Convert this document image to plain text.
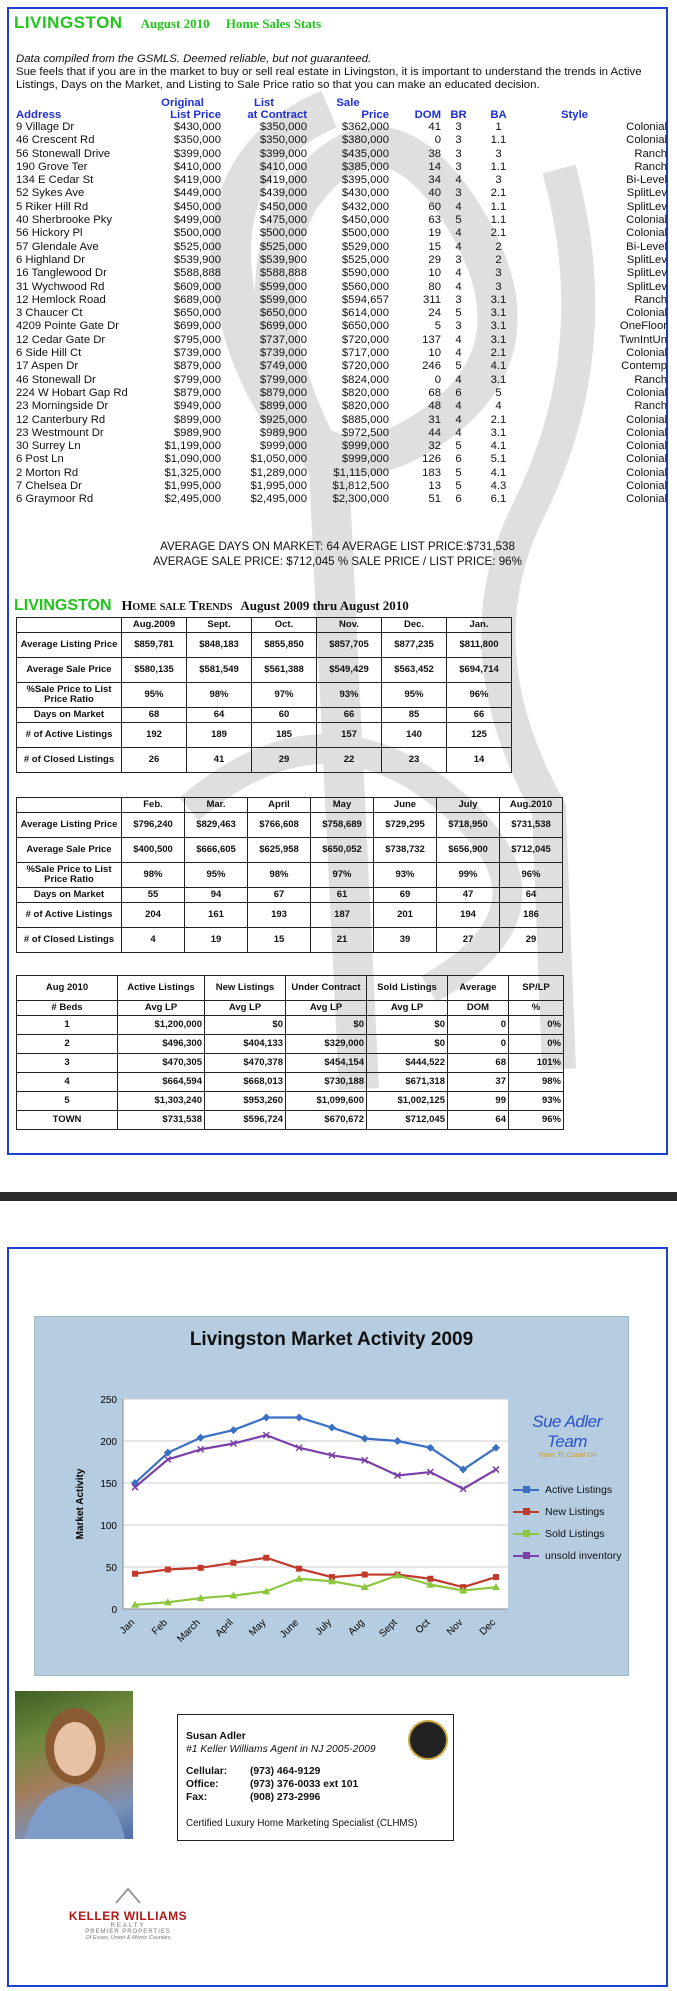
LIVINGSTON August 2010     Home Sales Stats

Data compiled from the GSMLS. Deemed reliable, but not guaranteed.

Sue feels that if you are in the market to buy or sell real estate in Livingston, it is important to understand the trends in Active Listings, Days on the Market, and Listing to Sale Price ratio so that you can make an educated decision.

	Original	List	Sale				
Address	List Price	at Contract	Price	DOM	BR	BA	Style
9 Village Dr	$430,000	$350,000	$362,000	41	3	1	Colonial
46 Crescent Rd	$350,000	$350,000	$380,000	0	3	1.1	Colonial
56 Stonewall Drive	$399,000	$399,000	$435,000	38	3	3	Ranch
190 Grove Ter	$410,000	$410,000	$385,000	14	3	1.1	Ranch
134 E Cedar St	$419,000	$419,000	$395,000	34	4	3	Bi-Level
52 Sykes Ave	$449,000	$439,000	$430,000	40	3	2.1	SplitLev
5 Riker Hill Rd	$450,000	$450,000	$432,000	60	4	1.1	SplitLev
40 Sherbrooke Pky	$499,000	$475,000	$450,000	63	5	1.1	Colonial
56 Hickory Pl	$500,000	$500,000	$500,000	19	4	2.1	Colonial
57 Glendale Ave	$525,000	$525,000	$529,000	15	4	2	Bi-Level
6 Highland Dr	$539,900	$539,900	$525,000	29	3	2	SplitLev
16 Tanglewood Dr	$588,888	$588,888	$590,000	10	4	3	SplitLev
31 Wychwood Rd	$609,000	$599,000	$560,000	80	4	3	SplitLev
12 Hemlock Road	$689,000	$599,000	$594,657	311	3	3.1	Ranch
3 Chaucer Ct	$650,000	$650,000	$614,000	24	5	3.1	Colonial
4209 Pointe Gate Dr	$699,000	$699,000	$650,000	5	3	3.1	OneFloor
12 Cedar Gate Dr	$795,000	$737,000	$720,000	137	4	3.1	TwnIntUn
6 Side Hill Ct	$739,000	$739,000	$717,000	10	4	2.1	Colonial
17 Aspen Dr	$879,000	$749,000	$720,000	246	5	4.1	Contemp
46 Stonewall Dr	$799,000	$799,000	$824,000	0	4	3.1	Ranch
224 W Hobart Gap Rd	$879,000	$879,000	$820,000	68	6	5	Colonial
23 Morningside Dr	$949,000	$899,000	$820,000	48	4	4	Ranch
12 Canterbury Rd	$899,000	$925,000	$885,000	31	4	2.1	Colonial
23 Westmount Dr	$989,900	$989,900	$972,500	44	4	3.1	Colonial
30 Surrey Ln	$1,199,000	$999,000	$999,000	32	5	4.1	Colonial
6 Post Ln	$1,090,000	$1,050,000	$999,000	126	6	5.1	Colonial
2 Morton Rd	$1,325,000	$1,289,000	$1,115,000	183	5	4.1	Colonial
7 Chelsea Dr	$1,995,000	$1,995,000	$1,812,500	13	5	4.3	Colonial
6 Graymoor Rd	$2,495,000	$2,495,000	$2,300,000	51	6	6.1	Colonial
AVERAGE DAYS ON MARKET: 64 AVERAGE LIST PRICE:$731,538
AVERAGE SALE PRICE: $712,045 % SALE PRICE / LIST PRICE: 96%
LIVINGSTON Home sale Trends August 2009 thru August 2010
	Aug.2009	Sept.	Oct.	Nov.	Dec.	Jan.
Average Listing Price	$859,781	$848,183	$855,850	$857,705	$877,235	$811,800
Average Sale Price	$580,135	$581,549	$561,388	$549,429	$563,452	$694,714
%Sale Price to List Price Ratio	95%	98%	97%	93%	95%	96%
Days on Market	68	64	60	66	85	66
# of Active Listings	192	189	185	157	140	125
# of Closed Listings	26	41	29	22	23	14
	Feb.	Mar.	April	May	June	July	Aug.2010
Average Listing Price	$796,240	$829,463	$766,608	$758,689	$729,295	$718,950	$731,538
Average Sale Price	$400,500	$666,605	$625,958	$650,052	$738,732	$656,900	$712,045
%Sale Price to List Price Ratio	98%	95%	98%	97%	93%	99%	96%
Days on Market	55	94	67	61	69	47	64
# of Active Listings	204	161	193	187	201	194	186
# of Closed Listings	4	19	15	21	39	27	29
Aug 2010	Active Listings	New Listings	Under Contract	Sold Listings	Average	SP/LP
# Beds	Avg LP	Avg LP	Avg LP	Avg LP	DOM	%
1	$1,200,000	$0	$0	$0	0	0%
2	$496,300	$404,133	$329,000	$0	0	0%
3	$470,305	$470,378	$454,154	$444,522	68	101%
4	$664,594	$668,013	$730,188	$671,318	37	98%
5	$1,303,240	$953,260	$1,099,600	$1,002,125	99	93%
TOWN	$731,538	$596,724	$670,672	$712,045	64	96%
Livingston Market Activity 2009
0
50
100
150
200
250
Jan Feb March April May June July Aug Sept Oct Nov Dec
Market Activity
Sue Adler Team
Yours To Count On
Active Listings
New Listings
Sold Listings
unsold inventory
Susan Adler
#1 Keller Williams Agent in NJ 2005-2009
Cellular: (973) 464-9129
Office:	(973) 376-0033 ext 101
Fax:	(908) 273-2996
Certified Luxury Home Marketing Specialist (CLHMS)
KELLER WILLIAMS
REALTY
PREMIER PROPERTIES
Of Essex, Union & Morris Counties
